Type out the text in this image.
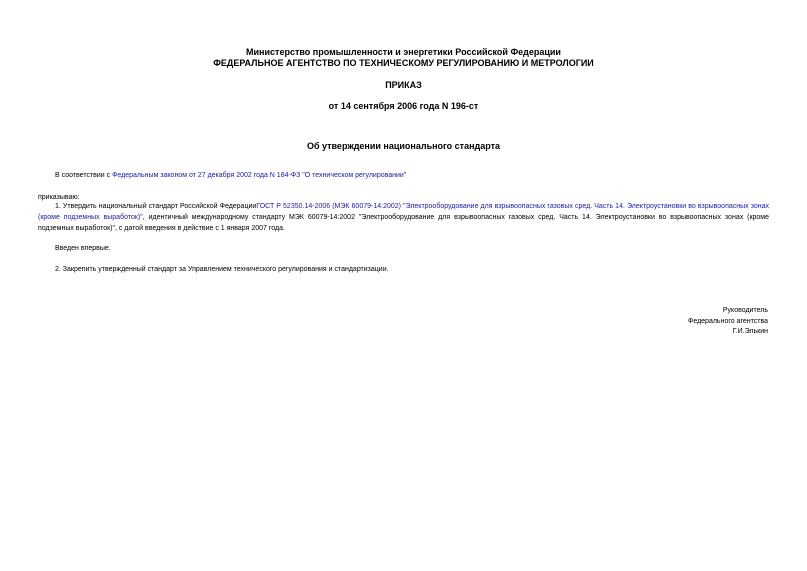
Министерство промышленности и энергетики Российской Федерации
ФЕДЕРАЛЬНОЕ АГЕНТСТВО ПО ТЕХНИЧЕСКОМУ РЕГУЛИРОВАНИЮ И МЕТРОЛОГИИ
ПРИКАЗ
от 14 сентября 2006 года N 196-ст
Об утверждении национального стандарта
В соответствии с Федеральным законом от 27 декабря 2002 года N 184-ФЗ "О техническом регулировании"
приказываю:
1. Утвердить национальный стандарт Российской ФедерацииГОСТ Р 52350.14-2006 (МЭК 60079-14:2002) "Электрооборудование для взрывоопасных газовых сред. Часть 14. Электроустановки во взрывоопасных зонах (кроме подземных выработок)", идентичный международному стандарту МЭК 60079-14:2002 "Электрооборудование для взрывоопасных газовых сред. Часть 14. Электроустановки во взрывоопасных зонах (кроме подземных выработок)", с датой введения в действие с 1 января 2007 года.
Введен впервые.
2. Закрепить утвержденный стандарт за Управлением технического регулирования и стандартизации.
Руководитель
Федерального агентства
Г.И.Элькин
